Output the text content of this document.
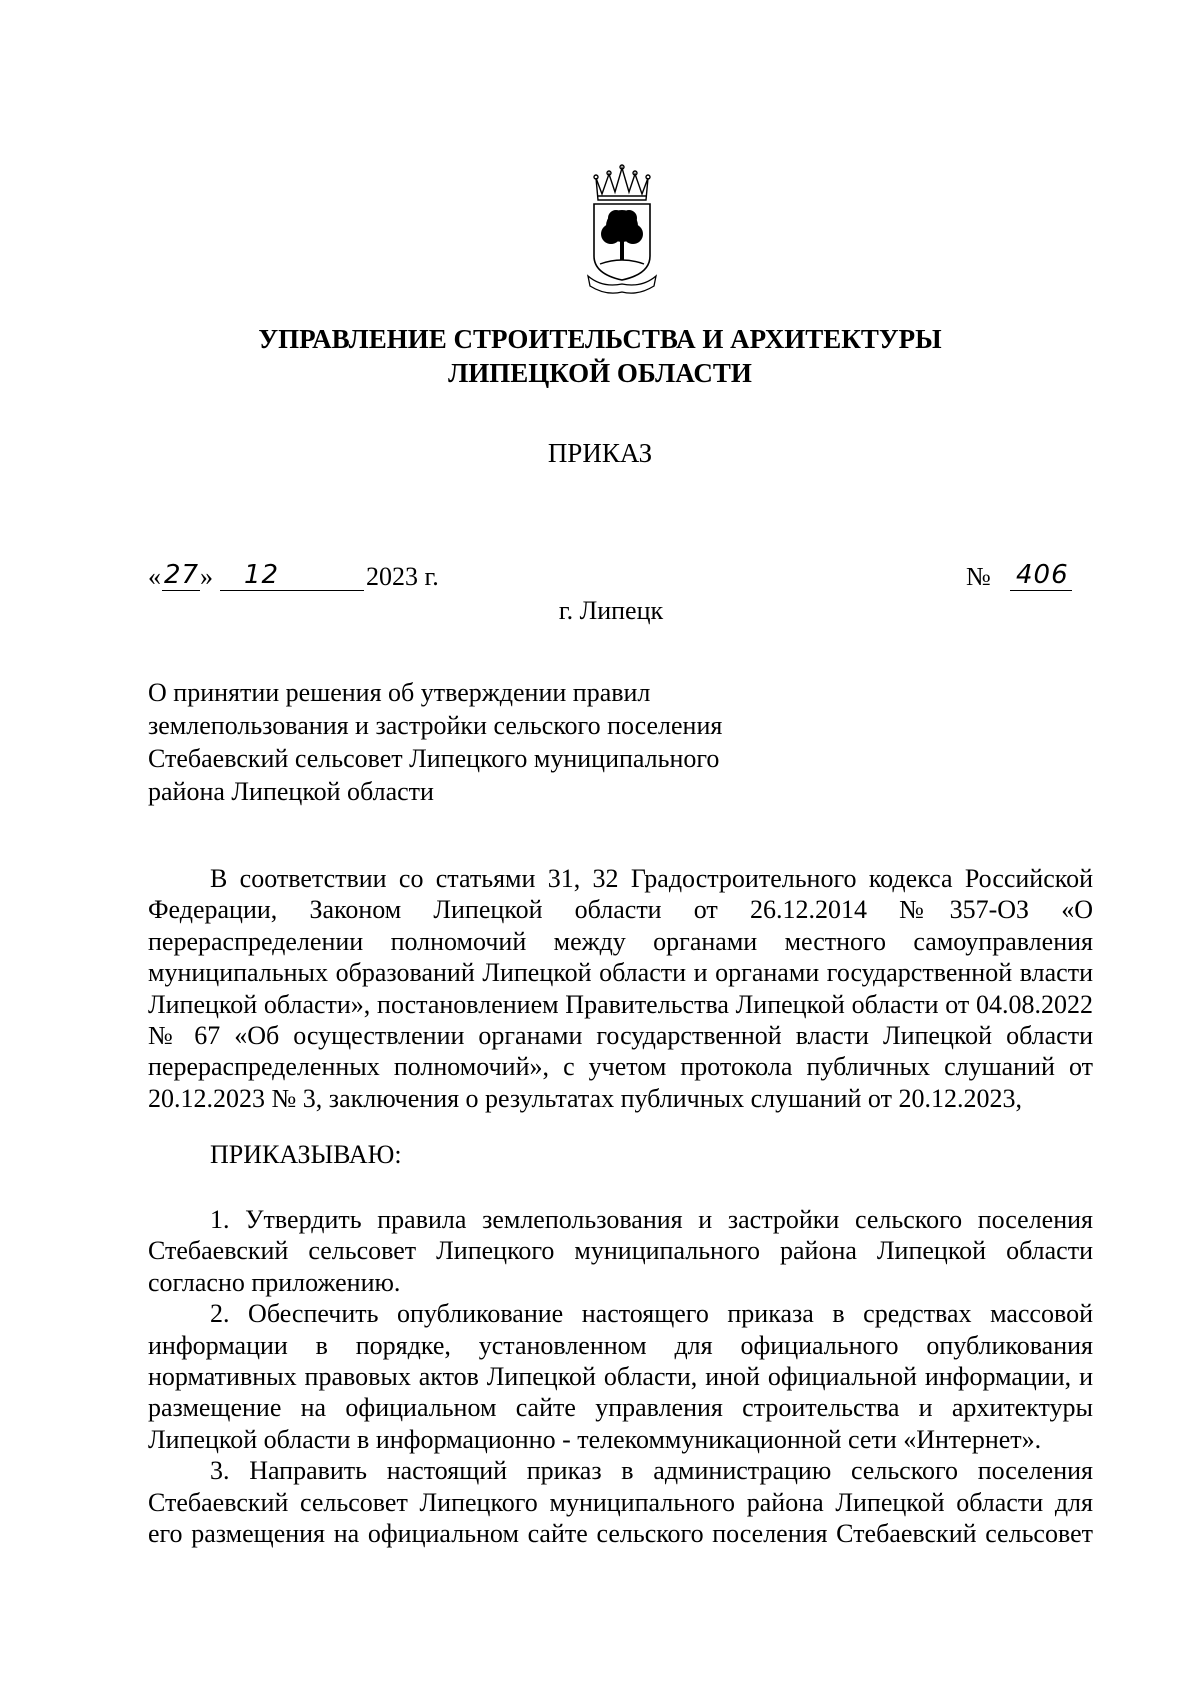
УПРАВЛЕНИЕ СТРОИТЕЛЬСТВА И АРХИТЕКТУРЫ
ЛИПЕЦКОЙ ОБЛАСТИ
ПРИКАЗ
« 27 » 12	2023 г.	№ 406
г. Липецк
О принятии решения об утверждении правил
землепользования и застройки сельского поселения
Стебаевский сельсовет Липецкого муниципального
района Липецкой области
В соответствии со статьями 31, 32 Градостроительного кодекса Российской Федерации, Законом Липецкой области от 26.12.2014 №357-ОЗ «О перераспределении полномочий между органами местного самоуправления муниципальных образований Липецкой области и органами государственной власти Липецкой области», постановлением Правительства Липецкой области от 04.08.2022 № 67 «Об осуществлении органами государственной власти Липецкой области перераспределенных полномочий», с учетом протокола публичных слушаний от 20.12.2023 № 3, заключения о результатах публичных слушаний от 20.12.2023,
ПРИКАЗЫВАЮ:

1. Утвердить правила землепользования и застройки сельского поселения Стебаевский сельсовет Липецкого муниципального района Липецкой области согласно приложению.

2. Обеспечить опубликование настоящего приказа в средствах массовой информации в порядке, установленном для официального опубликования нормативных правовых актов Липецкой области, иной официальной информации, и размещение на официальном сайте управления строительства и архитектуры Липецкой области в информационно - телекоммуникационной сети «Интернет».

3. Направить настоящий приказ в администрацию сельского поселения Стебаевский сельсовет Липецкого муниципального района Липецкой области для его размещения на официальном сайте сельского поселения Стебаевский сельсовет
